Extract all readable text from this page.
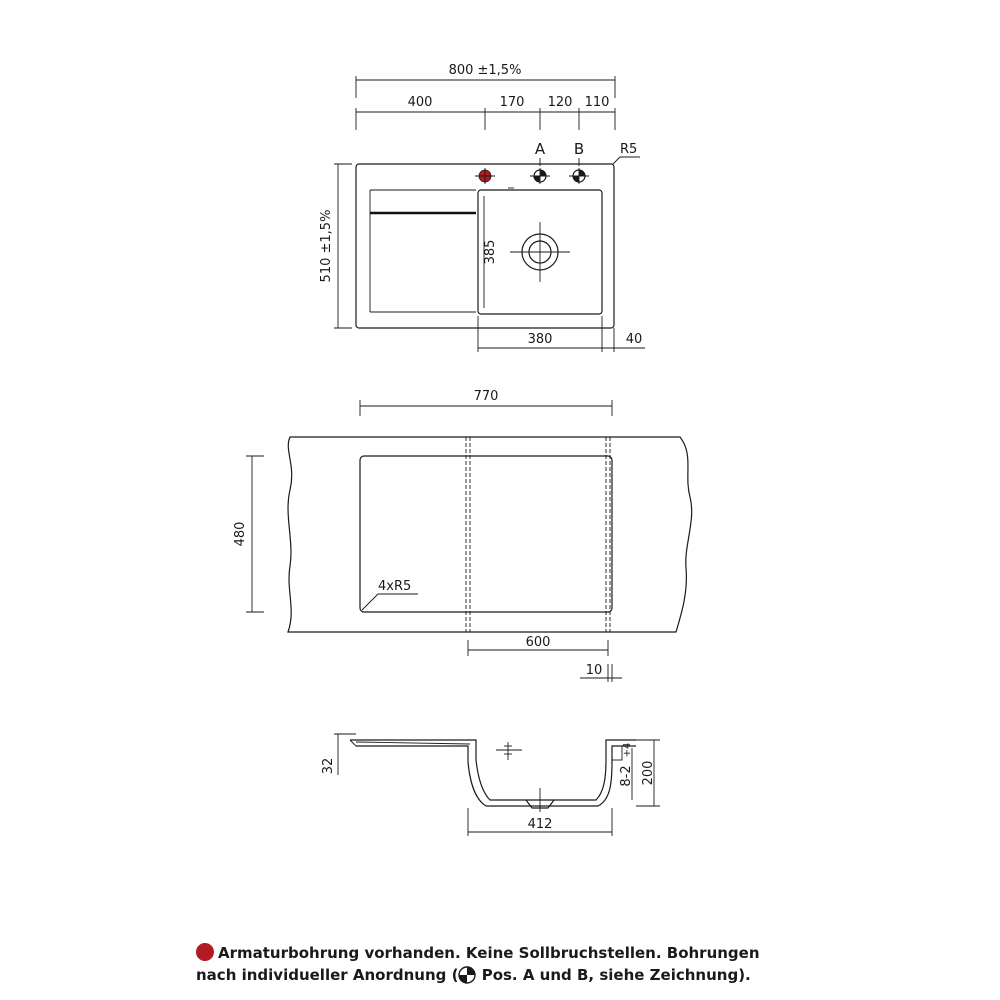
800 ±1,5%
400	170 120 110
A B	R5
510 ±1,5%	385
380	40
770
480
4xR5
600
10
32
+4
8-2 200
412
Armaturbohrung vorhanden. Keine Sollbruchstellen. Bohrungen
nach individueller Anordnung ( Pos. A und B, siehe Zeichnung).
